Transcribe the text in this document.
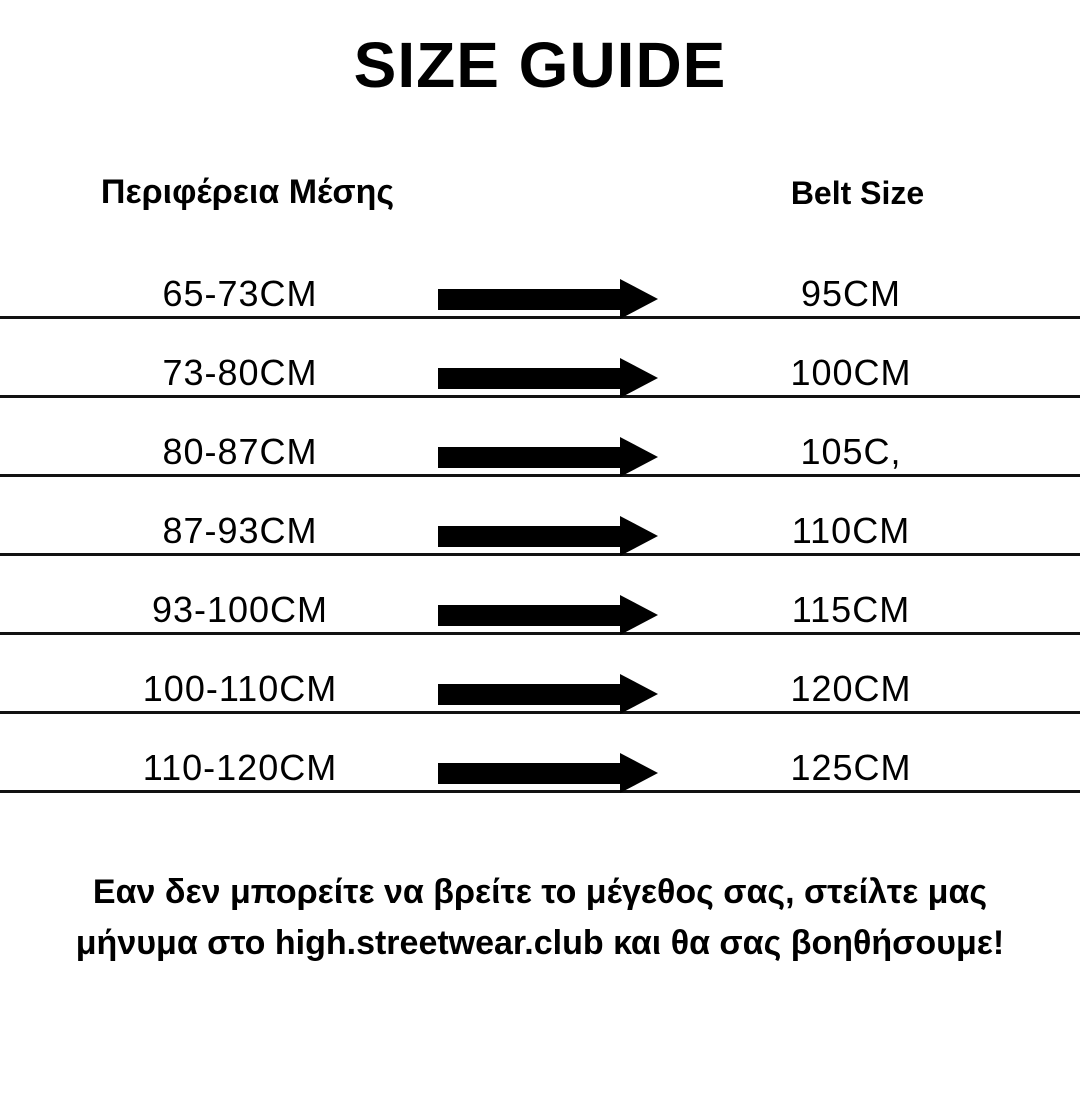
SIZE GUIDE
Περιφέρεια Μέσης	Belt Size
65-73CM	95CM
73-80CM	100CM
80-87CM	105C,
87-93CM	110CM
93-100CM	115CM
100-110CM	120CM
110-120CM	125CM

Εαν δεν μπορείτε να βρείτε το μέγεθος σας, στείλτε μας μήνυμα στο high.streetwear.club και θα σας βοηθήσουμε!
